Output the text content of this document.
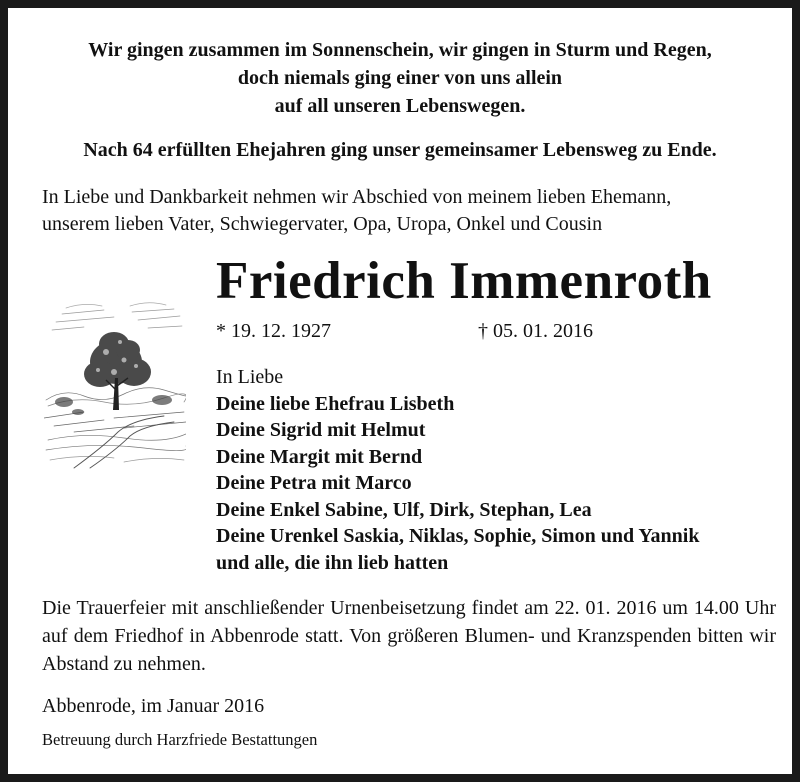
Wir gingen zusammen im Sonnenschein, wir gingen in Sturm und Regen,
doch niemals ging einer von uns allein
auf all unseren Lebenswegen.
Nach 64 erfüllten Ehejahren ging unser gemeinsamer Lebensweg zu Ende.
In Liebe und Dankbarkeit nehmen wir Abschied von meinem lieben Ehemann,
unserem lieben Vater, Schwiegervater, Opa, Uropa, Onkel und Cousin
Friedrich Immenroth
* 19. 12. 1927	† 05. 01. 2016
In Liebe
Deine liebe Ehefrau Lisbeth
Deine Sigrid mit Helmut
Deine Margit mit Bernd
Deine Petra mit Marco
Deine Enkel Sabine, Ulf, Dirk, Stephan, Lea
Deine Urenkel Saskia, Niklas, Sophie, Simon und Yannik
und alle, die ihn lieb hatten
Die Trauerfeier mit anschließender Urnenbeisetzung findet am 22. 01. 2016 um 14.00 Uhr auf dem Friedhof in Abbenrode statt. Von größeren Blumen- und Kranzspenden bitten wir Abstand zu nehmen.
Abbenrode, im Januar 2016
Betreuung durch Harzfriede Bestattungen
